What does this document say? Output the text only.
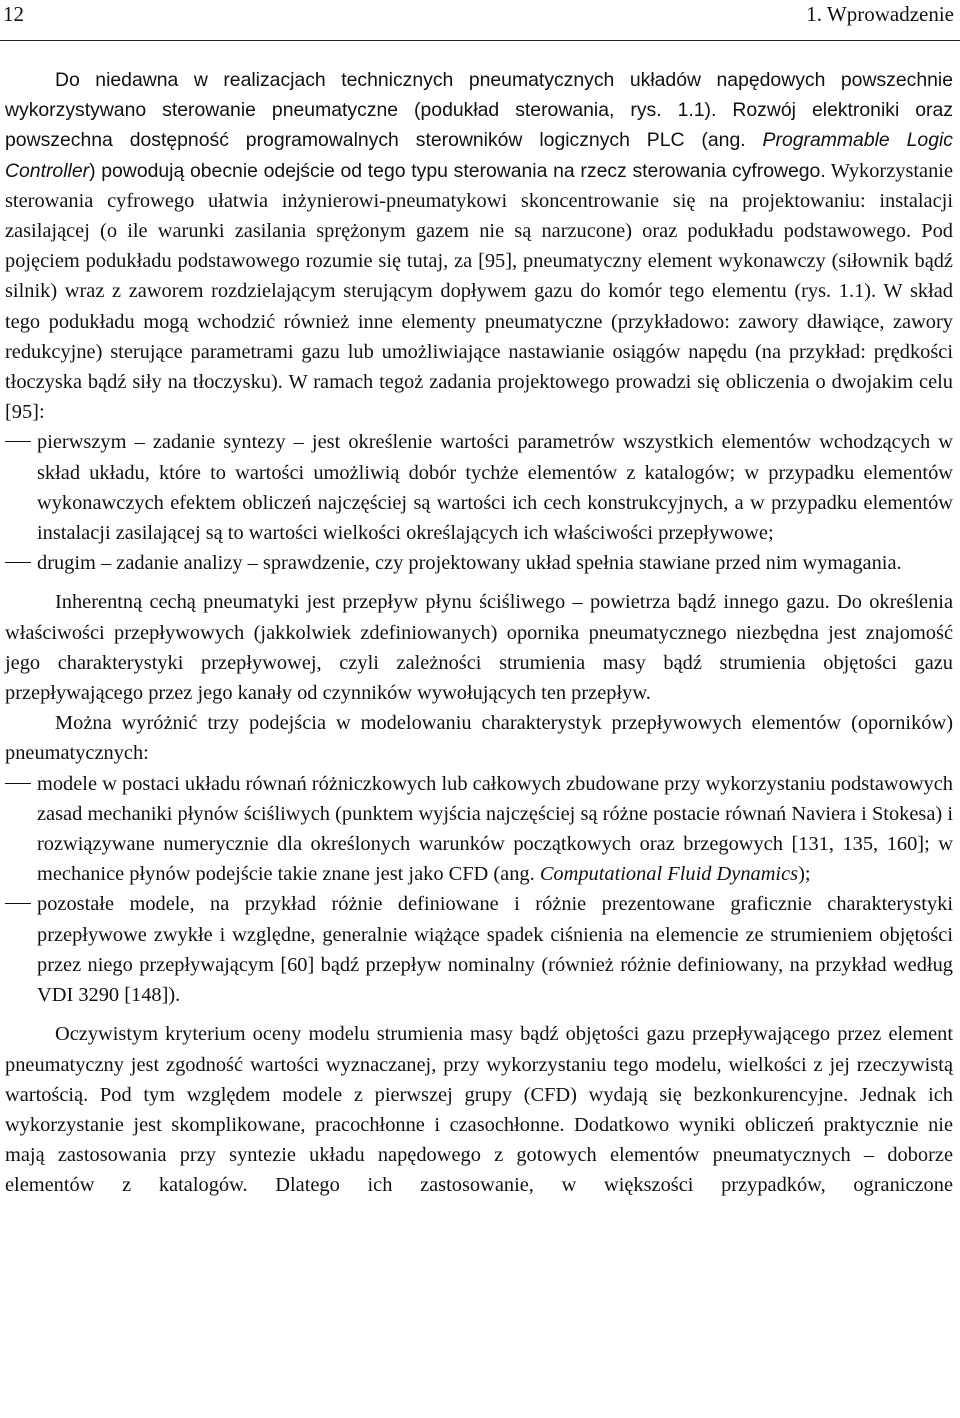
12	1. Wprowadzenie

Do niedawna w realizacjach technicznych pneumatycznych układów napędowych powszechnie wykorzystywano sterowanie pneumatyczne (podukład sterowania, rys. 1.1). Rozwój elektroniki oraz powszechna dostępność programowalnych sterowników logicznych PLC (ang. Programmable Logic Controller) powodują obecnie odejście od tego typu sterowania na rzecz sterowania cyfrowego. Wykorzystanie sterowania cyfrowego ułatwia inżynierowi-pneumatykowi skoncentrowanie się na projektowaniu: instalacji zasilającej (o ile warunki zasilania sprężonym gazem nie są narzucone) oraz podukładu podstawowego. Pod pojęciem podukładu podstawowego rozumie się tutaj, za [95], pneumatyczny element wykonawczy (siłownik bądź silnik) wraz z zaworem rozdzielającym sterującym dopływem gazu do komór tego elementu (rys. 1.1). W skład tego podukładu mogą wchodzić również inne elementy pneumatyczne (przykładowo: zawory dławiące, zawory redukcyjne) sterujące parametrami gazu lub umożliwiające nastawianie osiągów napędu (na przykład: prędkości tłoczyska bądź siły na tłoczysku). W ramach tegoż zadania projektowego prowadzi się obliczenia o dwojakim celu [95]:

pierwszym – zadanie syntezy – jest określenie wartości parametrów wszystkich elementów wchodzących w skład układu, które to wartości umożliwią dobór tychże elementów z katalogów; w przypadku elementów wykonawczych efektem obliczeń najczęściej są wartości ich cech konstrukcyjnych, a w przypadku elementów instalacji zasilającej są to wartości wielkości określających ich właściwości przepływowe;

drugim – zadanie analizy – sprawdzenie, czy projektowany układ spełnia stawiane przed nim wymagania.

Inherentną cechą pneumatyki jest przepływ płynu ściśliwego – powietrza bądź innego gazu. Do określenia właściwości przepływowych (jakkolwiek zdefiniowanych) opornika pneumatycznego niezbędna jest znajomość jego charakterystyki przepływowej, czyli zależności strumienia masy bądź strumienia objętości gazu przepływającego przez jego kanały od czynników wywołujących ten przepływ.

Można wyróżnić trzy podejścia w modelowaniu charakterystyk przepływowych elementów (oporników) pneumatycznych:

modele w postaci układu równań różniczkowych lub całkowych zbudowane przy wykorzystaniu podstawowych zasad mechaniki płynów ściśliwych (punktem wyjścia najczęściej są różne postacie równań Naviera i Stokesa) i rozwiązywane numerycznie dla określonych warunków początkowych oraz brzegowych [131, 135, 160]; w mechanice płynów podejście takie znane jest jako CFD (ang. Computational Fluid Dynamics);

pozostałe modele, na przykład różnie definiowane i różnie prezentowane graficznie charakterystyki przepływowe zwykłe i względne, generalnie wiążące spadek ciśnienia na elemencie ze strumieniem objętości przez niego przepływającym [60] bądź przepływ nominalny (również różnie definiowany, na przykład według VDI 3290 [148]).

Oczywistym kryterium oceny modelu strumienia masy bądź objętości gazu przepływającego przez element pneumatyczny jest zgodność wartości wyznaczanej, przy wykorzystaniu tego modelu, wielkości z jej rzeczywistą wartością. Pod tym względem modele z pierwszej grupy (CFD) wydają się bezkonkurencyjne. Jednak ich wykorzystanie jest skomplikowane, pracochłonne i czasochłonne. Dodatkowo wyniki obliczeń praktycznie nie mają zastosowania przy syntezie układu napędowego z gotowych elementów pneumatycznych – doborze elementów z katalogów. Dlatego ich zastosowanie, w większości przypadków, ograniczone
